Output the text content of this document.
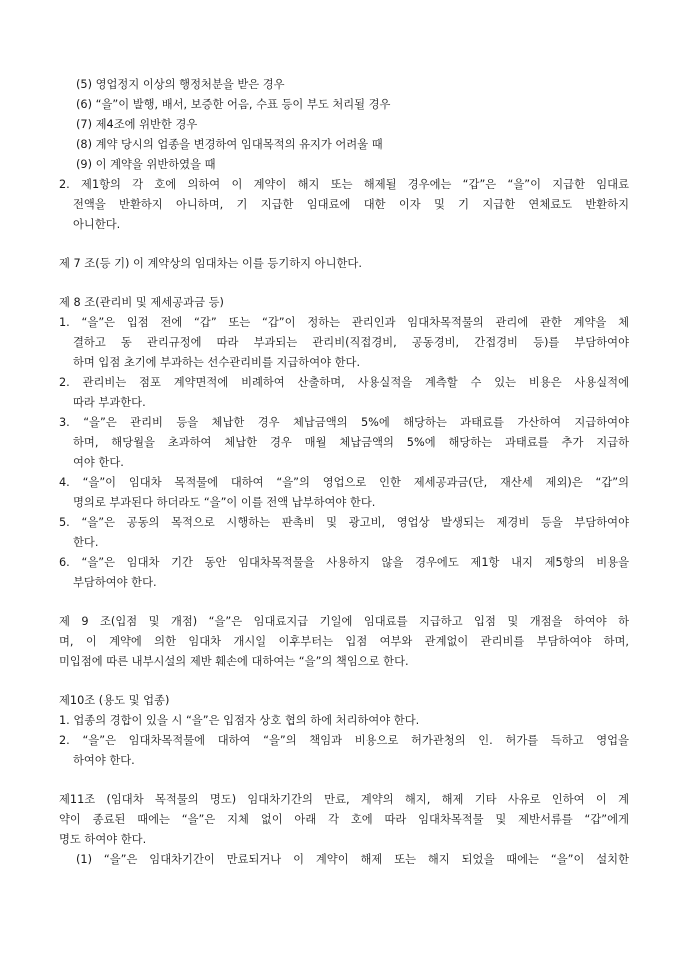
(5) 영업정지 이상의 행정처분을 받은 경우
(6) “을”이 발행, 배서, 보증한 어음, 수표 등이 부도 처리될 경우
(7) 제4조에 위반한 경우
(8) 계약 당시의 업종을 변경하여 임대목적의 유지가 어려울 때
(9) 이 계약을 위반하였을 때
2. 제1항의 각 호에 의하여 이 계약이 해지 또는 해제될 경우에는 “갑”은 “을”이 지급한 임대료
전액을 반환하지 아니하며, 기 지급한 임대료에 대한 이자 및 기 지급한 연체료도 반환하지
아니한다.
제 7 조(등 기) 이 계약상의 임대차는 이를 등기하지 아니한다.
제 8 조(관리비 및 제세공과금 등)
1. “을”은 입점 전에 “갑” 또는 “갑”이 정하는 관리인과 임대차목적물의 관리에 관한 계약을 체
결하고 동 관리규정에 따라 부과되는 관리비(직접경비, 공동경비, 간접경비 등)를 부담하여야
하며 입점 초기에 부과하는 선수관리비를 지급하여야 한다.
2. 관리비는 점포 계약면적에 비례하여 산출하며, 사용실적을 계측할 수 있는 비용은 사용실적에
따라 부과한다.
3. “을”은 관리비 등을 체납한 경우 체납금액의 5%에 해당하는 과태료를 가산하여 지급하여야
하며, 해당월을 초과하여 체납한 경우 매월 체납금액의 5%에 해당하는 과태료를 추가 지급하
여야 한다.
4. “을”이 임대차 목적물에 대하여 “을”의 영업으로 인한 제세공과금(단, 재산세 제외)은 “갑”의
명의로 부과된다 하더라도 “을”이 이를 전액 납부하여야 한다.
5. “을”은 공동의 목적으로 시행하는 판촉비 및 광고비, 영업상 발생되는 제경비 등을 부담하여야
한다.
6. “을”은 임대차 기간 동안 임대차목적물을 사용하지 않을 경우에도 제1항 내지 제5항의 비용을
부담하여야 한다.
제 9 조(입점 및 개점) “을”은 임대료지급 기일에 임대료를 지급하고 입점 및 개점을 하여야 하
며, 이 계약에 의한 임대차 개시일 이후부터는 입점 여부와 관계없이 관리비를 부담하여야 하며,
미입점에 따른 내부시설의 제반 훼손에 대하여는 “을”의 책임으로 한다.
제10조 (용도 및 업종)
1. 업종의 경합이 있을 시 “을”은 입점자 상호 협의 하에 처리하여야 한다.
2. “을”은 임대차목적물에 대하여 “을”의 책임과 비용으로 허가관청의 인. 허가를 득하고 영업을
하여야 한다.
제11조 (임대차 목적물의 명도) 임대차기간의 만료, 계약의 해지, 해제 기타 사유로 인하여 이 계
약이 종료된 때에는 “을”은 지체 없이 아래 각 호에 따라 임대차목적물 및 제반서류를 “갑”에게
명도 하여야 한다.
(1) “을”은 임대차기간이 만료되거나 이 계약이 해제 또는 해지 되었을 때에는 “을”이 설치한
